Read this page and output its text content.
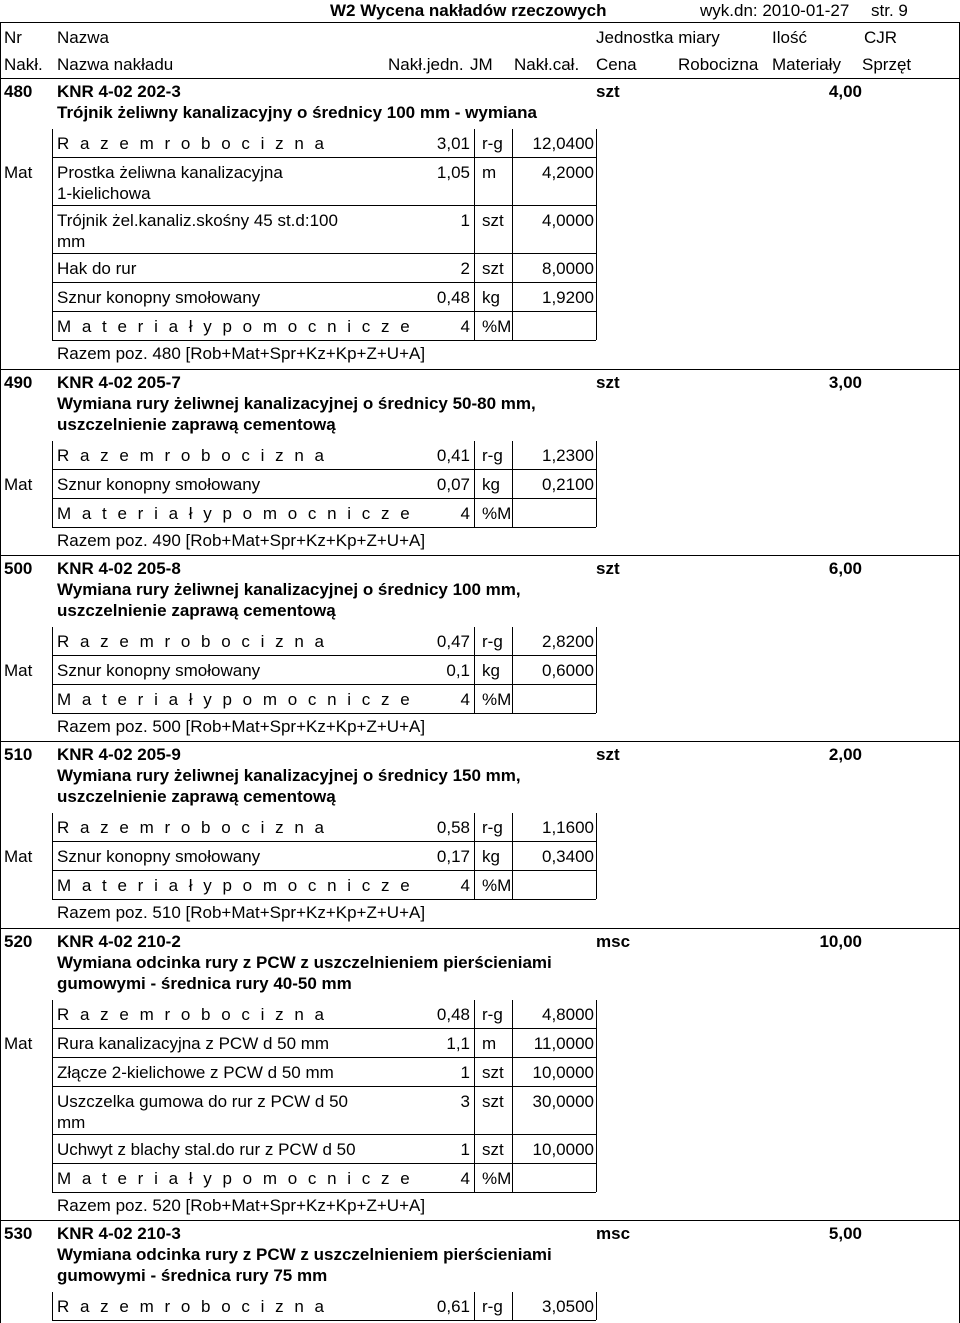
W2 Wycena nakładów rzeczowych	wyk.dn: 2010-01-27 str. 9
Nr Nazwa	Jednostka miary	Ilość	CJR
Nakł. Nazwa nakładu	Nakł.jedn. JM Nakł.cał. Cena Robocizna Materiały Sprzęt
480 KNR 4-02 202-3	szt	4,00
Trójnik żeliwny kanalizacyjny o średnicy 100 mm - wymiana
R a z e m r o b o c i z n a	3,01 r-g	12,0400
Mat Prostka żeliwna kanalizacyjna
1-kielichowa
1,05 m	4,2000
Trójnik żel.kanaliz.skośny 45 st.d:100
mm
1 szt	4,0000
Hak do rur	2 szt	8,0000
Sznur konopny smołowany	0,48 kg	1,9200
M a t e r i a ł y p o m o c n i c z e	4 %M
Razem poz. 480 [Rob+Mat+Spr+Kz+Kp+Z+U+A]
490 KNR 4-02 205-7	szt	3,00
Wymiana rury żeliwnej kanalizacyjnej o średnicy 50-80 mm,
uszczelnienie zaprawą cementową
R a z e m r o b o c i z n a	0,41 r-g	1,2300
Mat Sznur konopny smołowany	0,07 kg	0,2100
M a t e r i a ł y p o m o c n i c z e	4 %M
Razem poz. 490 [Rob+Mat+Spr+Kz+Kp+Z+U+A]
500 KNR 4-02 205-8	szt	6,00
Wymiana rury żeliwnej kanalizacyjnej o średnicy 100 mm,
uszczelnienie zaprawą cementową
R a z e m r o b o c i z n a	0,47 r-g	2,8200
Mat Sznur konopny smołowany	0,1 kg	0,6000
M a t e r i a ł y p o m o c n i c z e	4 %M
Razem poz. 500 [Rob+Mat+Spr+Kz+Kp+Z+U+A]
510 KNR 4-02 205-9	szt	2,00
Wymiana rury żeliwnej kanalizacyjnej o średnicy 150 mm,
uszczelnienie zaprawą cementową
R a z e m r o b o c i z n a	0,58 r-g	1,1600
Mat Sznur konopny smołowany	0,17 kg	0,3400
M a t e r i a ł y p o m o c n i c z e	4 %M
Razem poz. 510 [Rob+Mat+Spr+Kz+Kp+Z+U+A]
520 KNR 4-02 210-2	msc	10,00
Wymiana odcinka rury z PCW z uszczelnieniem pierścieniami
gumowymi - średnica rury 40-50 mm
R a z e m r o b o c i z n a	0,48 r-g	4,8000
Mat Rura kanalizacyjna z PCW d 50 mm	1,1 m	11,0000
Złącze 2-kielichowe z PCW d 50 mm	1 szt	10,0000
Uszczelka gumowa do rur z PCW d 50
mm
3 szt	30,0000
Uchwyt z blachy stal.do rur z PCW d 50	1 szt	10,0000
M a t e r i a ł y p o m o c n i c z e	4 %M
Razem poz. 520 [Rob+Mat+Spr+Kz+Kp+Z+U+A]
530 KNR 4-02 210-3	msc	5,00
Wymiana odcinka rury z PCW z uszczelnieniem pierścieniami
gumowymi - średnica rury 75 mm
R a z e m r o b o c i z n a	0,61 r-g	3,0500
